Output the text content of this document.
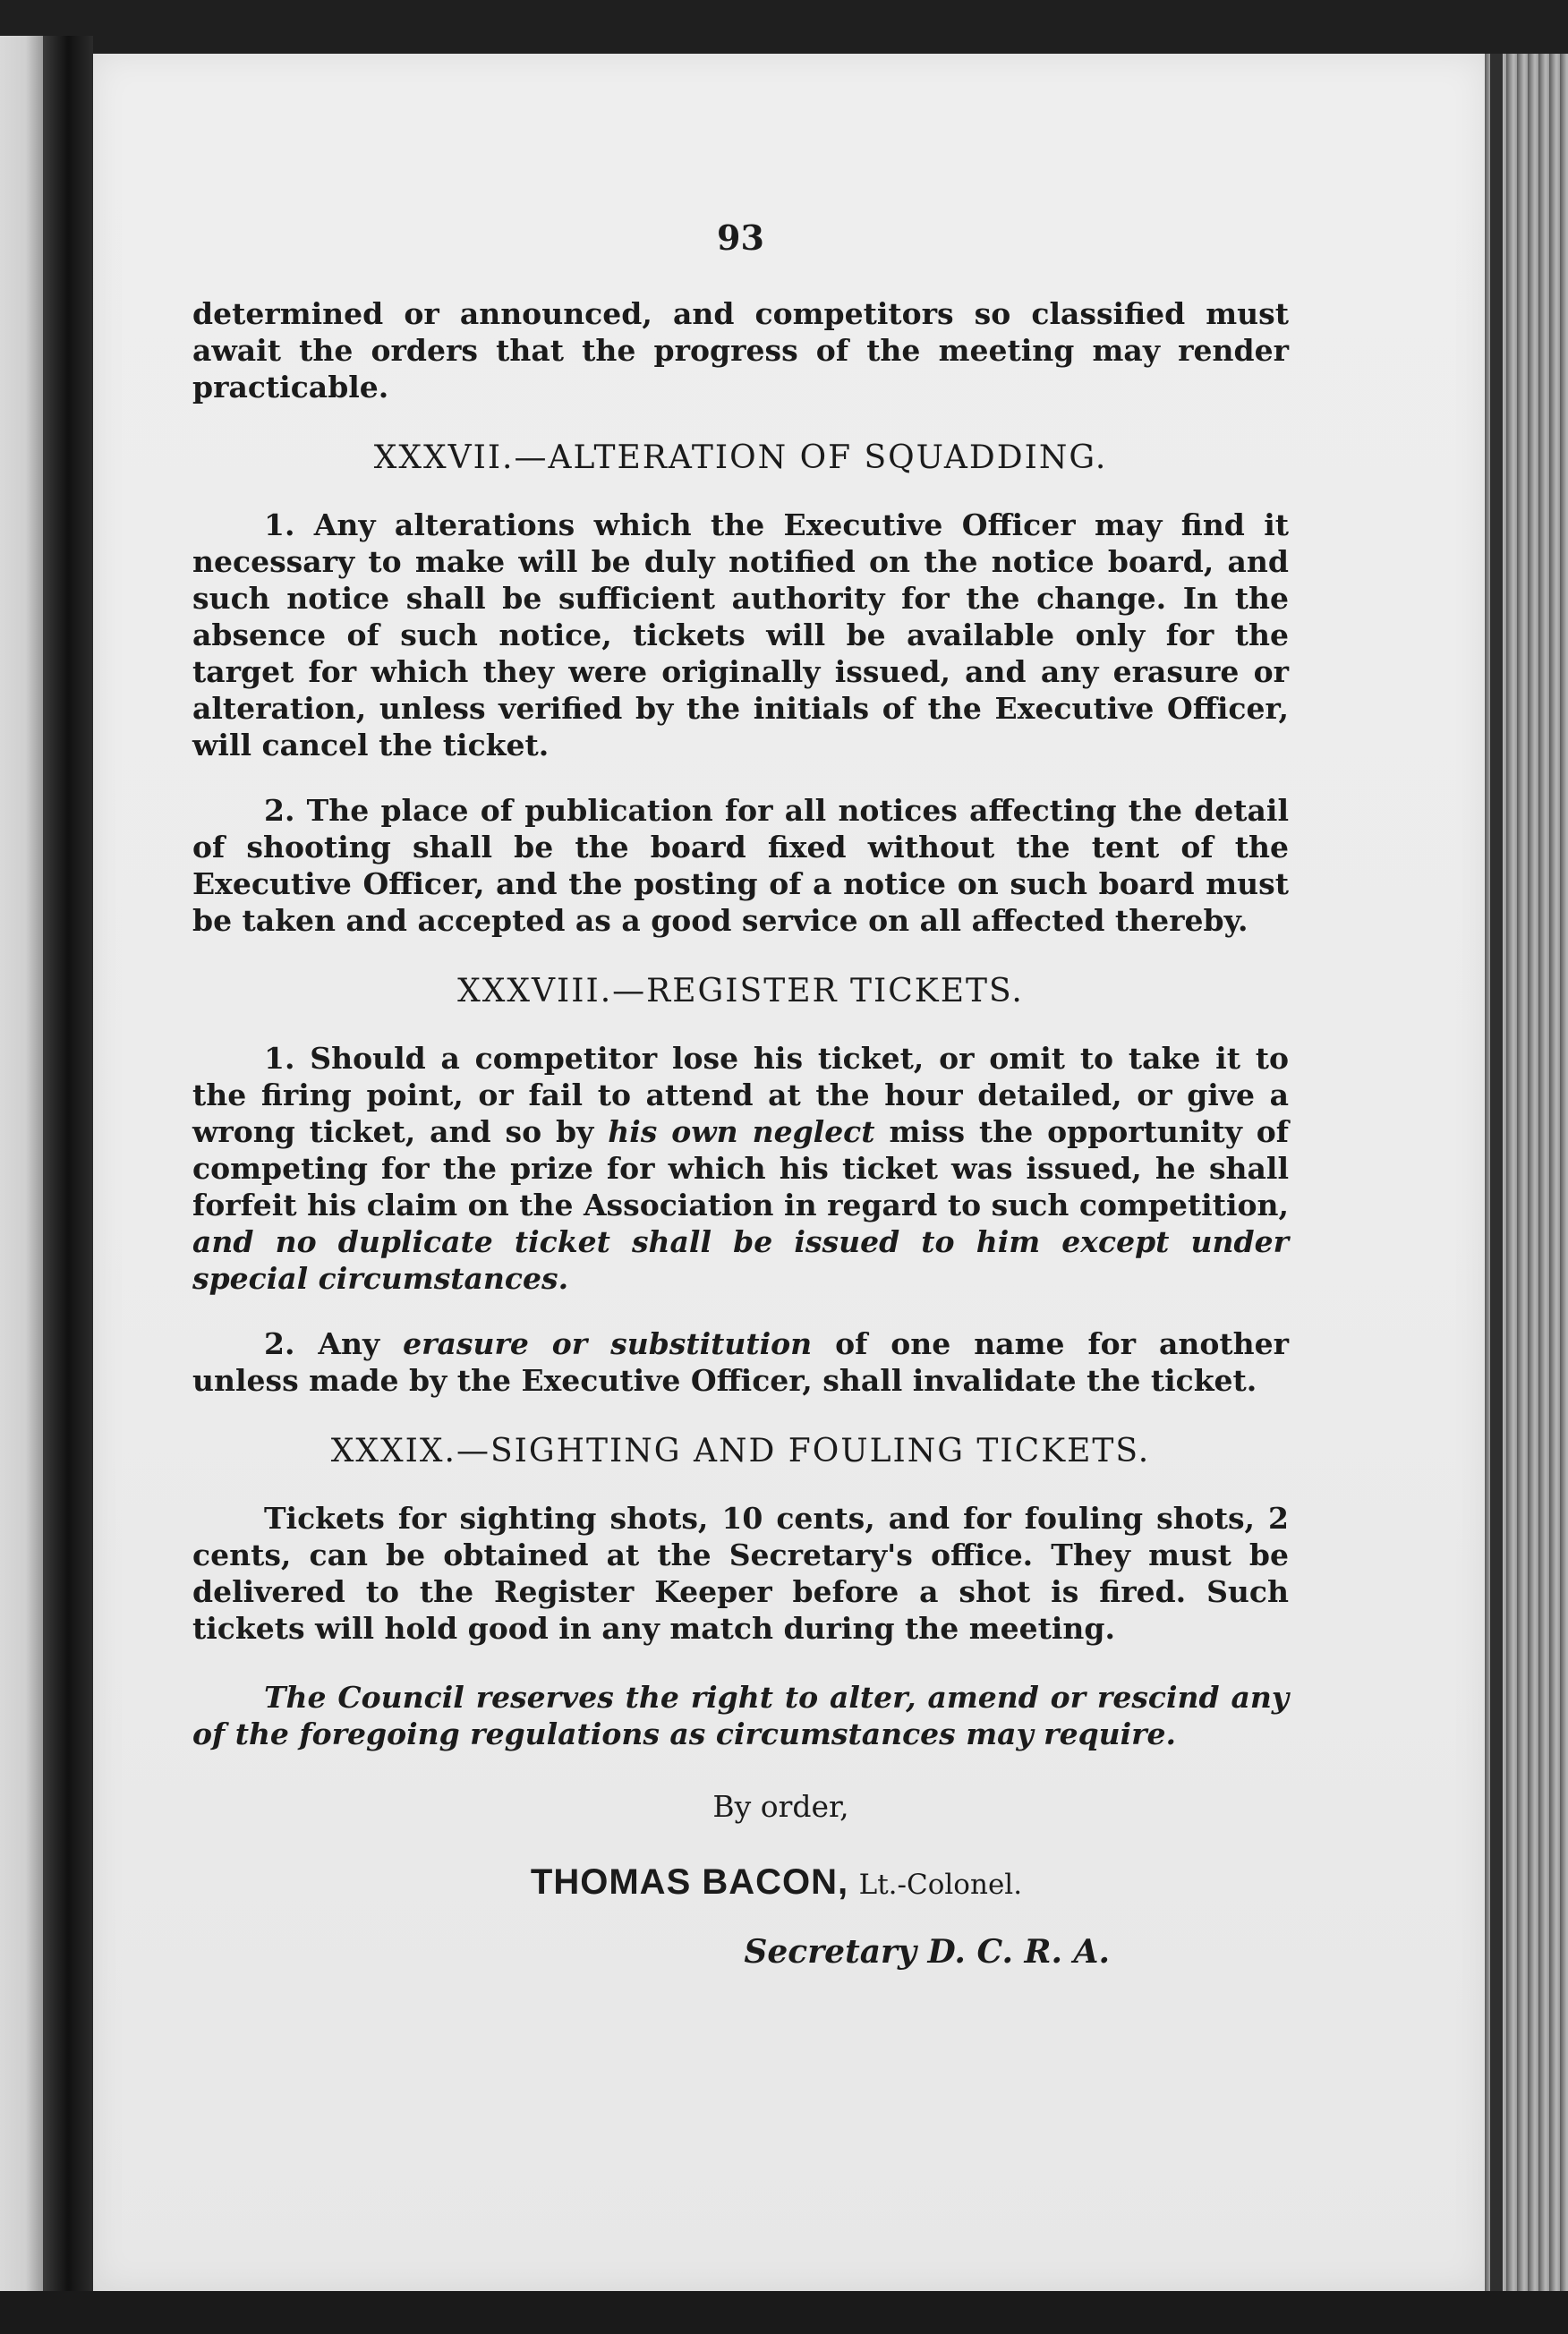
93

determined or announced, and competitors so classified must await the orders that the progress of the meeting may render practicable.

XXXVII.—ALTERATION OF SQUADDING.

1. Any alterations which the Executive Officer may find it necessary to make will be duly notified on the notice board, and such notice shall be sufficient authority for the change. In the absence of such notice, tickets will be available only for the target for which they were originally issued, and any erasure or alteration, unless verified by the initials of the Executive Officer, will cancel the ticket.

2. The place of publication for all notices affecting the detail of shooting shall be the board fixed without the tent of the Executive Officer, and the posting of a notice on such board must be taken and accepted as a good service on all affected thereby.

XXXVIII.—REGISTER TICKETS.

1. Should a competitor lose his ticket, or omit to take it to the firing point, or fail to attend at the hour detailed, or give a wrong ticket, and so by his own neglect miss the opportunity of competing for the prize for which his ticket was issued, he shall forfeit his claim on the Association in regard to such competition, and no duplicate ticket shall be issued to him except under special circumstances.

2. Any erasure or substitution of one name for another unless made by the Executive Officer, shall invalidate the ticket.

XXXIX.—SIGHTING AND FOULING TICKETS.

Tickets for sighting shots, 10 cents, and for fouling shots, 2 cents, can be obtained at the Secretary's office. They must be delivered to the Register Keeper before a shot is fired. Such tickets will hold good in any match during the meeting.

The Council reserves the right to alter, amend or rescind any of the foregoing regulations as circumstances may require.

By order,
THOMAS BACON, Lt.-Colonel.
Secretary D. C. R. A.
